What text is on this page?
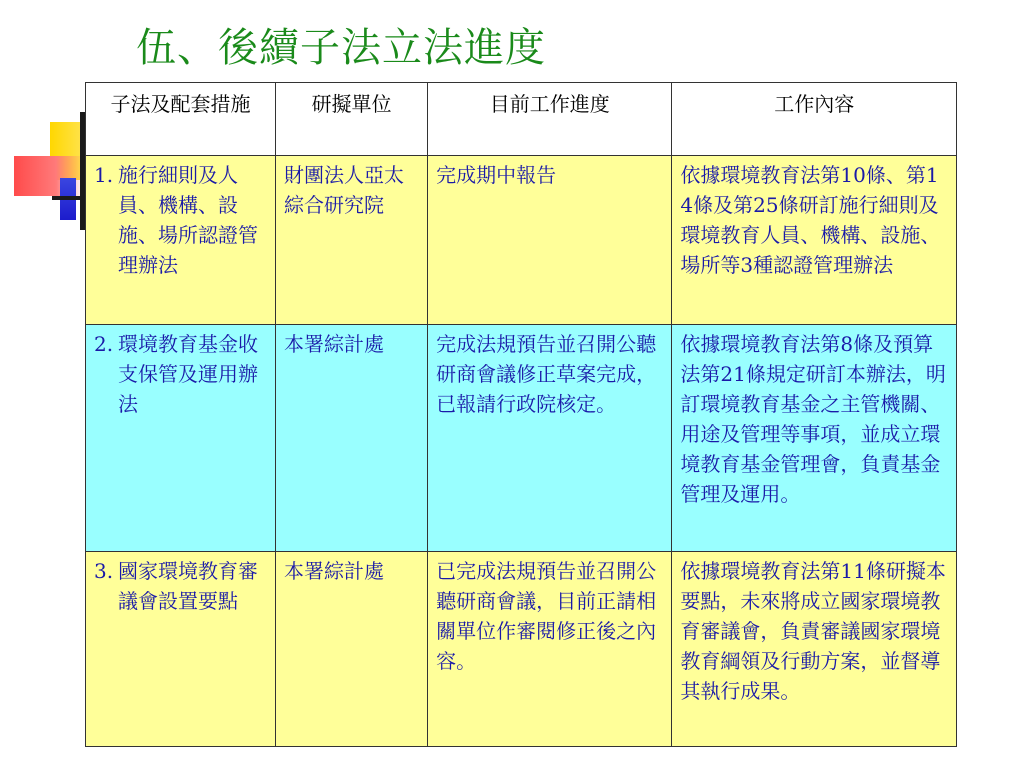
伍、後續子法立法進度
子法及配套措施	研擬單位	目前工作進度	工作內容

1. 施行細則及人員、機構、設施、場所認證管理辦法	財團法人亞太綜合研究院	完成期中報告	依據環境教育法第10條、第14條及第25條研訂施行細則及環境教育人員、機構、設施、場所等3種認證管理辦法

2. 環境教育基金收支保管及運用辦法	本署綜計處	完成法規預告並召開公聽研商會議修正草案完成，已報請行政院核定。	依據環境教育法第8條及預算法第21條規定研訂本辦法，明訂環境教育基金之主管機關、用途及管理等事項，並成立環境教育基金管理會，負責基金管理及運用。

3. 國家環境教育審議會設置要點	本署綜計處	已完成法規預告並召開公聽研商會議，目前正請相關單位作審閱修正後之內容。	依據環境教育法第11條研擬本要點，未來將成立國家環境教育審議會，負責審議國家環境教育綱領及行動方案，並督導其執行成果。
